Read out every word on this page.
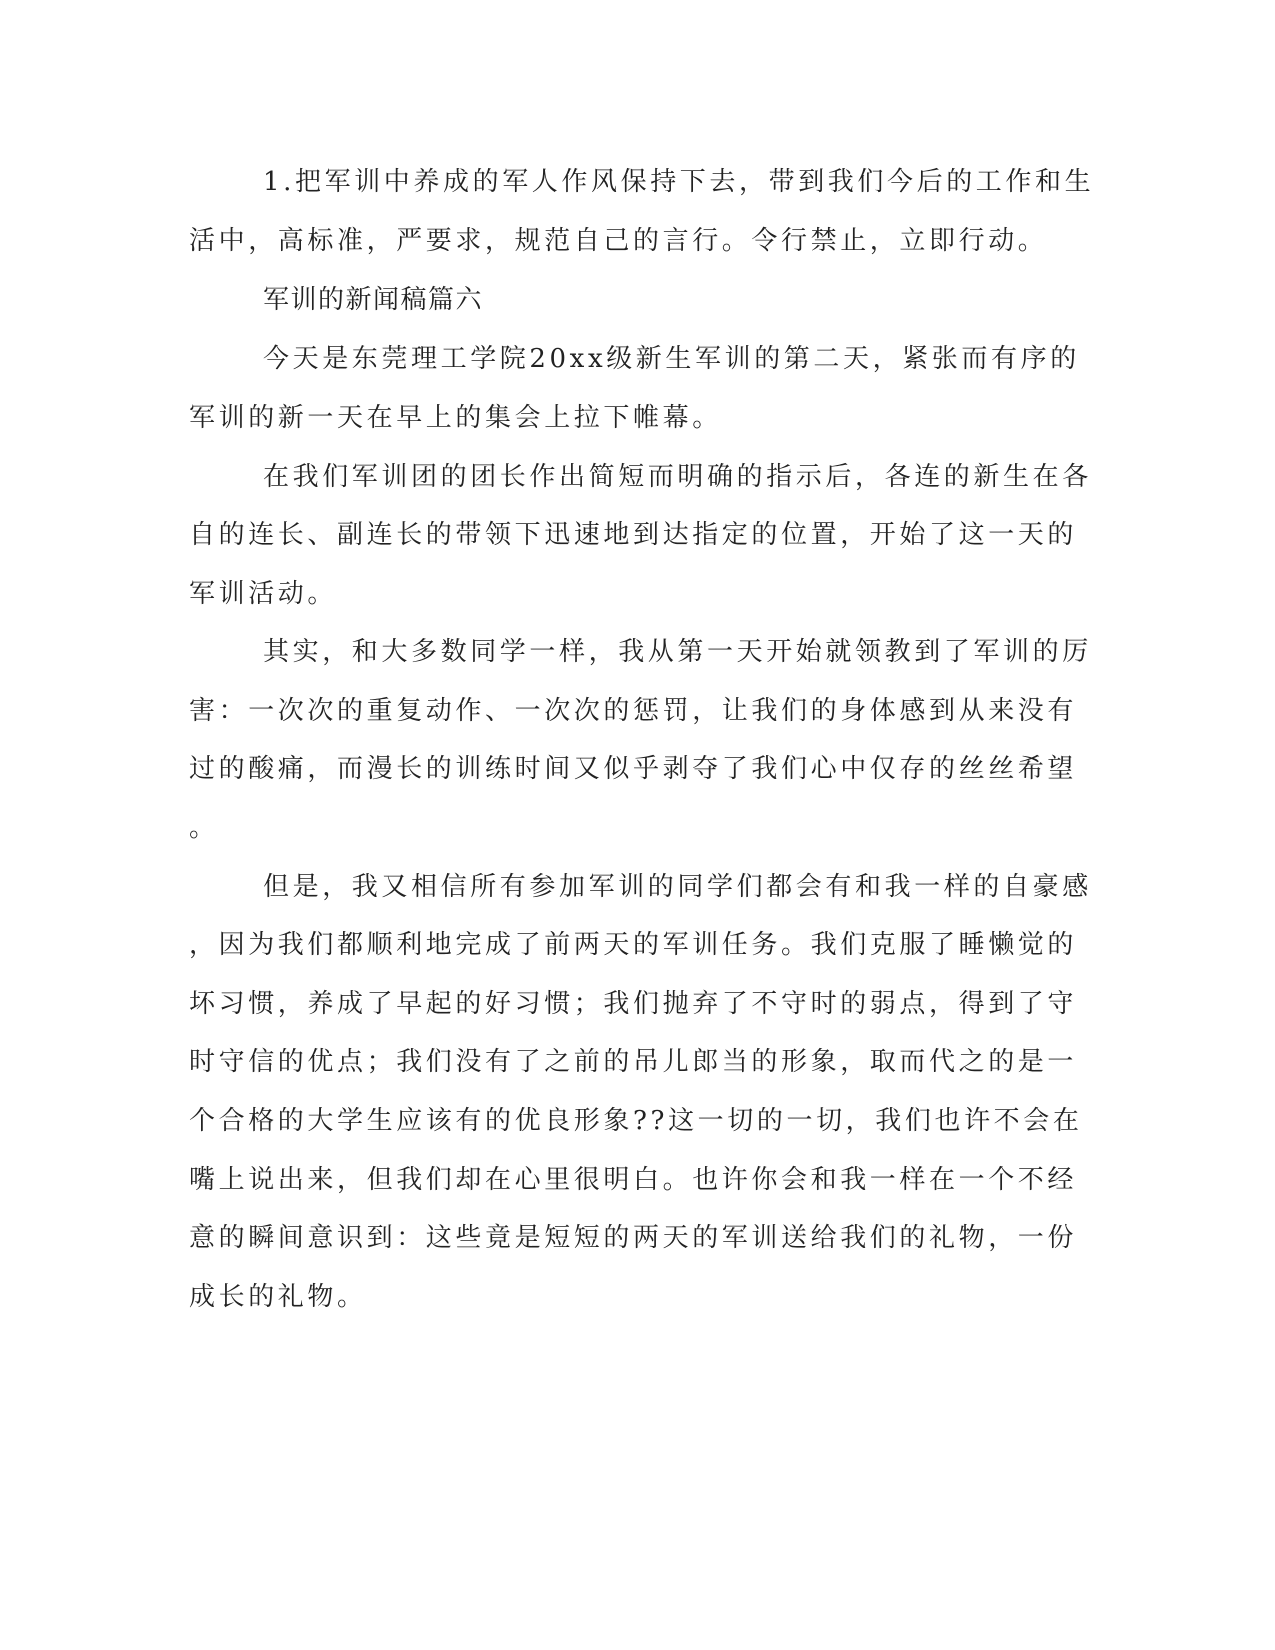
1.把军训中养成的军人作风保持下去，带到我们今后的工作和生

活中，高标准，严要求，规范自己的言行。令行禁止，立即行动。

军训的新闻稿篇六

今天是东莞理工学院20xx级新生军训的第二天，紧张而有序的

军训的新一天在早上的集会上拉下帷幕。

在我们军训团的团长作出简短而明确的指示后，各连的新生在各

自的连长、副连长的带领下迅速地到达指定的位置，开始了这一天的

军训活动。

其实，和大多数同学一样，我从第一天开始就领教到了军训的厉

害：一次次的重复动作、一次次的惩罚，让我们的身体感到从来没有

过的酸痛，而漫长的训练时间又似乎剥夺了我们心中仅存的丝丝希望

。

但是，我又相信所有参加军训的同学们都会有和我一样的自豪感

，因为我们都顺利地完成了前两天的军训任务。我们克服了睡懒觉的

坏习惯，养成了早起的好习惯；我们抛弃了不守时的弱点，得到了守

时守信的优点；我们没有了之前的吊儿郎当的形象，取而代之的是一

个合格的大学生应该有的优良形象??这一切的一切，我们也许不会在

嘴上说出来，但我们却在心里很明白。也许你会和我一样在一个不经

意的瞬间意识到：这些竟是短短的两天的军训送给我们的礼物，一份

成长的礼物。
